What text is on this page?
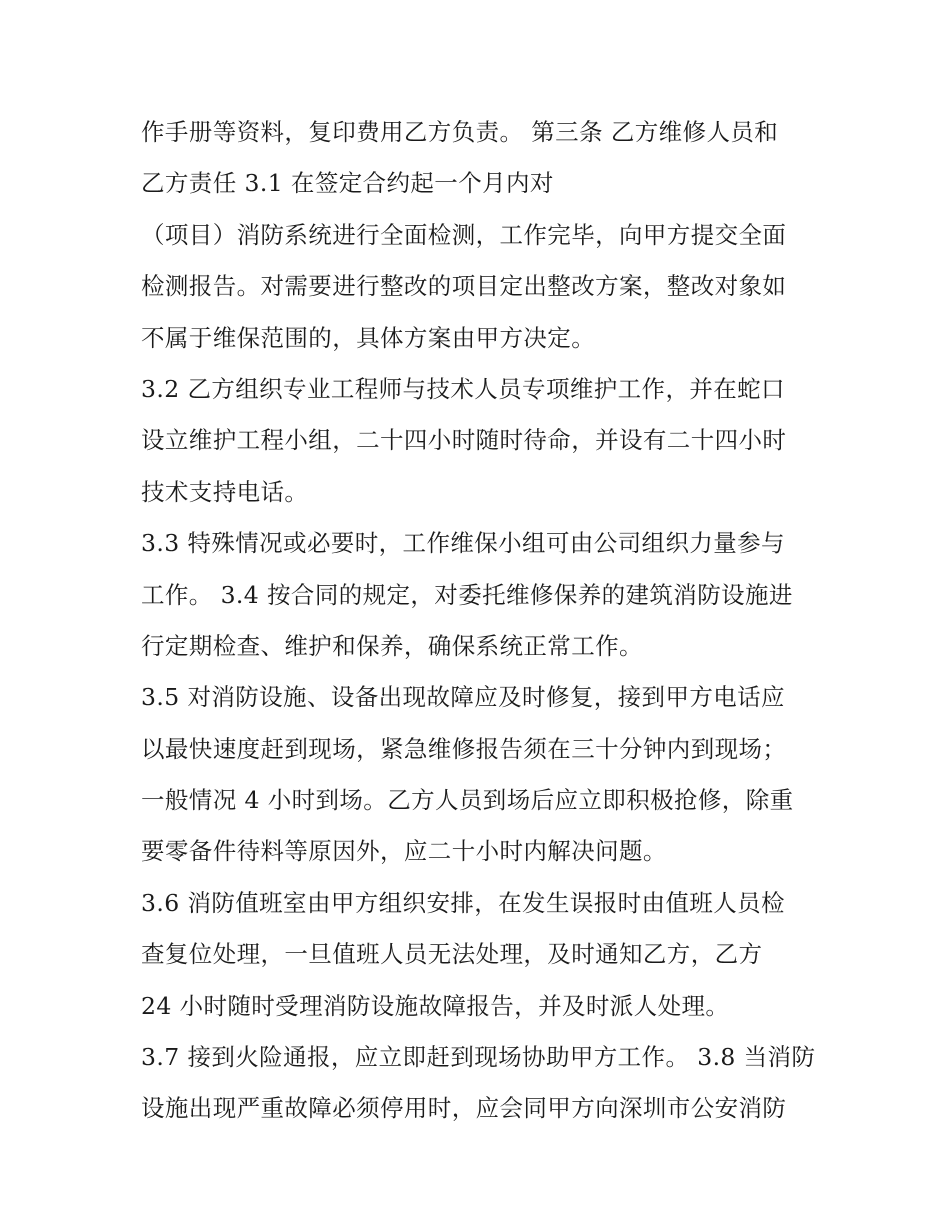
作手册等资料，复印费用乙方负责。 第三条 乙方维修人员和
乙方责任 3.1 在签定合约起一个月内对
（项目）消防系统进行全面检测，工作完毕，向甲方提交全面
检测报告。对需要进行整改的项目定出整改方案，整改对象如
不属于维保范围的，具体方案由甲方决定。
3.2 乙方组织专业工程师与技术人员专项维护工作，并在蛇口
设立维护工程小组，二十四小时随时待命，并设有二十四小时
技术支持电话。
3.3 特殊情况或必要时，工作维保小组可由公司组织力量参与
工作。 3.4 按合同的规定，对委托维修保养的建筑消防设施进
行定期检查、维护和保养，确保系统正常工作。
3.5 对消防设施、设备出现故障应及时修复，接到甲方电话应
以最快速度赶到现场，紧急维修报告须在三十分钟内到现场；
一般情况 4 小时到场。乙方人员到场后应立即积极抢修，除重
要零备件待料等原因外，应二十小时内解决问题。
3.6 消防值班室由甲方组织安排，在发生误报时由值班人员检
查复位处理，一旦值班人员无法处理，及时通知乙方，乙方
24 小时随时受理消防设施故障报告，并及时派人处理。
3.7 接到火险通报，应立即赶到现场协助甲方工作。 3.8 当消防
设施出现严重故障必须停用时，应会同甲方向深圳市公安消防
